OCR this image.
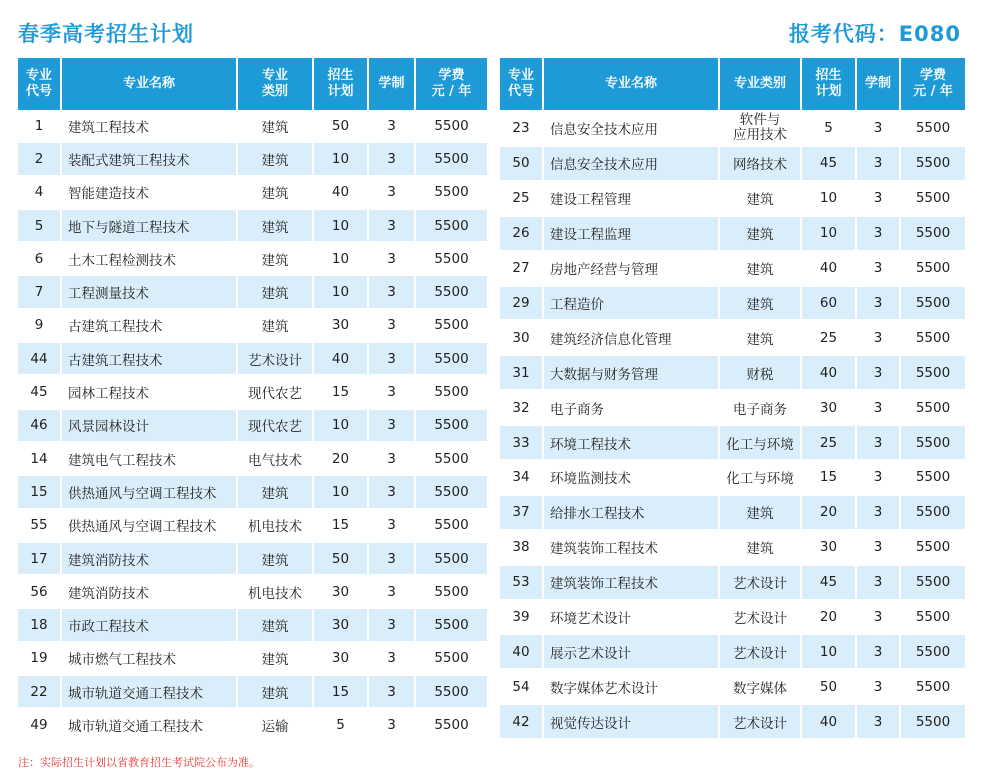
春季高考招生计划	报考代码：E080
专业
代号	专业名称	专业
类别	招生
计划	学制	学费
元 / 年
1	建筑工程技术	建筑	50	3	5500
2	装配式建筑工程技术	建筑	10	3	5500
4	智能建造技术	建筑	40	3	5500
5	地下与隧道工程技术	建筑	10	3	5500
6	土木工程检测技术	建筑	10	3	5500
7	工程测量技术	建筑	10	3	5500
9	古建筑工程技术	建筑	30	3	5500
44	古建筑工程技术	艺术设计	40	3	5500
45	园林工程技术	现代农艺	15	3	5500
46	风景园林设计	现代农艺	10	3	5500
14	建筑电气工程技术	电气技术	20	3	5500
15	供热通风与空调工程技术	建筑	10	3	5500
55	供热通风与空调工程技术	机电技术	15	3	5500
17	建筑消防技术	建筑	50	3	5500
56	建筑消防技术	机电技术	30	3	5500
18	市政工程技术	建筑	30	3	5500
19	城市燃气工程技术	建筑	30	3	5500
22	城市轨道交通工程技术	建筑	15	3	5500
49	城市轨道交通工程技术	运输	5	3	5500
专业
代号	专业名称	专业类别	招生
计划	学制	学费
元 / 年
23	信息安全技术应用	软件与
应用技术	5	3	5500
50	信息安全技术应用	网络技术	45	3	5500
25	建设工程管理	建筑	10	3	5500
26	建设工程监理	建筑	10	3	5500
27	房地产经营与管理	建筑	40	3	5500
29	工程造价	建筑	60	3	5500
30	建筑经济信息化管理	建筑	25	3	5500
31	大数据与财务管理	财税	40	3	5500
32	电子商务	电子商务	30	3	5500
33	环境工程技术	化工与环境	25	3	5500
34	环境监测技术	化工与环境	15	3	5500
37	给排水工程技术	建筑	20	3	5500
38	建筑装饰工程技术	建筑	30	3	5500
53	建筑装饰工程技术	艺术设计	45	3	5500
39	环境艺术设计	艺术设计	20	3	5500
40	展示艺术设计	艺术设计	10	3	5500
54	数字媒体艺术设计	数字媒体	50	3	5500
42	视觉传达设计	艺术设计	40	3	5500
注：实际招生计划以省教育招生考试院公布为准。
